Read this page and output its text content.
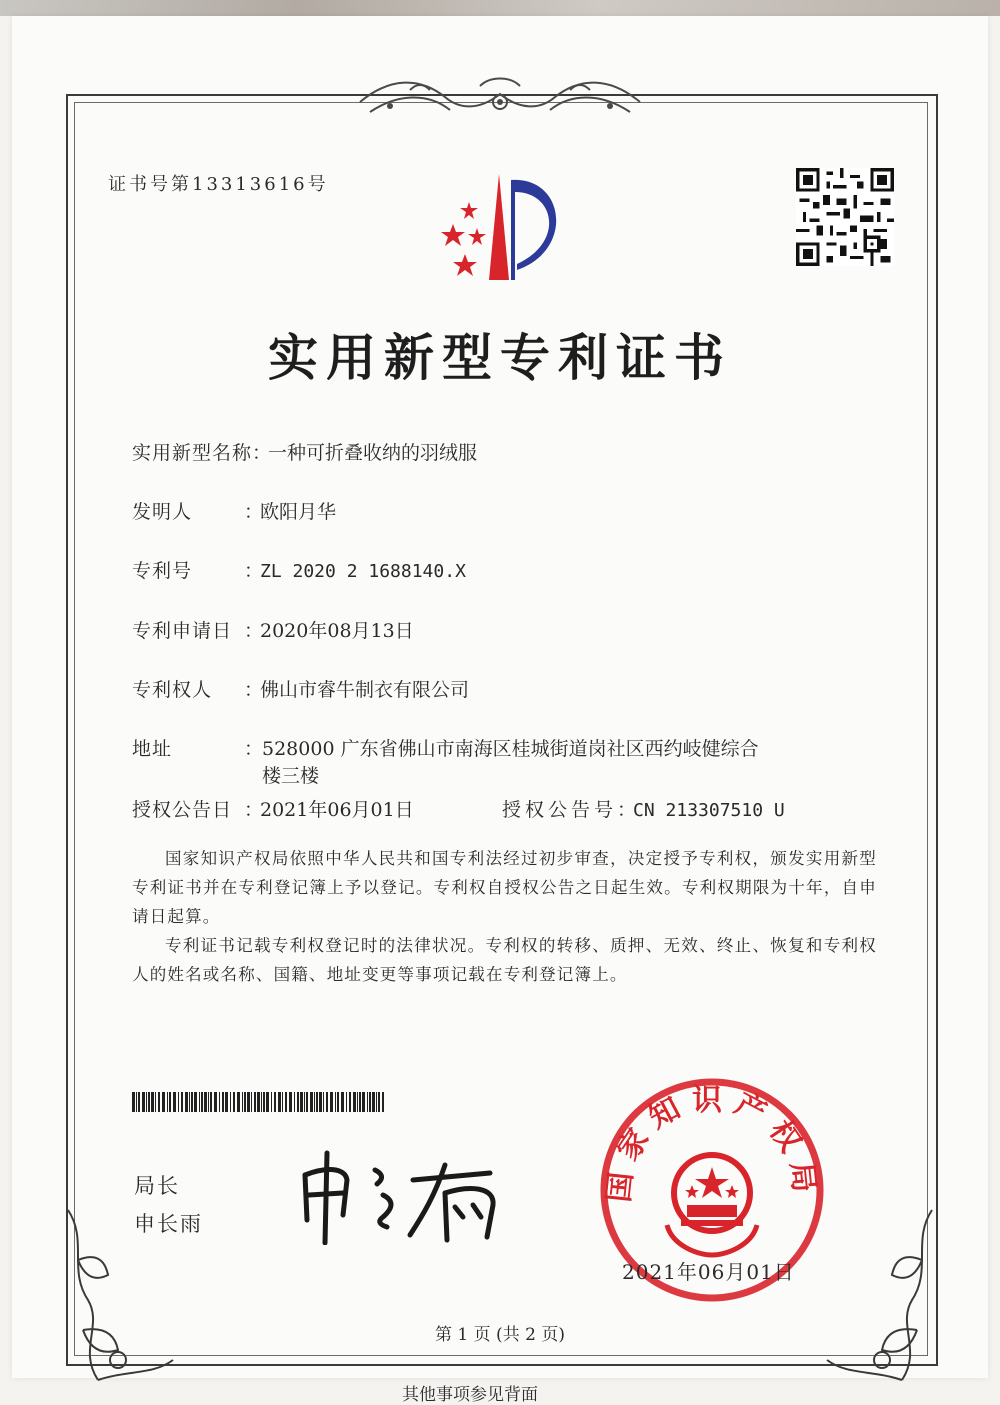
证书号第13313616号
实用新型专利证书
实用新型名称：一种可折叠收纳的羽绒服
发明人	：欧阳月华
专利号	：ZL 2020 2 1688140.X
专利申请日 ：2020年08月13日
专利权人 ：佛山市睿牛制衣有限公司
地址	：
528000 广东省佛山市南海区桂城街道岗社区西约岐健综合
楼三楼
授权公告日 ：2021年06月01日	授权公告号：CN 213307510 U
国家知识产权局依照中华人民共和国专利法经过初步审查，决定授予专利权，颁发实用新型专利证书并在专利登记簿上予以登记。专利权自授权公告之日起生效。专利权期限为十年，自申请日起算。
专利证书记载专利权登记时的法律状况。专利权的转移、质押、无效、终止、恢复和专利权人的姓名或名称、国籍、地址变更等事项记载在专利登记簿上。
局长
申长雨
国家知识产权局
2021年06月01日
第 1 页 (共 2 页)
其他事项参见背面
